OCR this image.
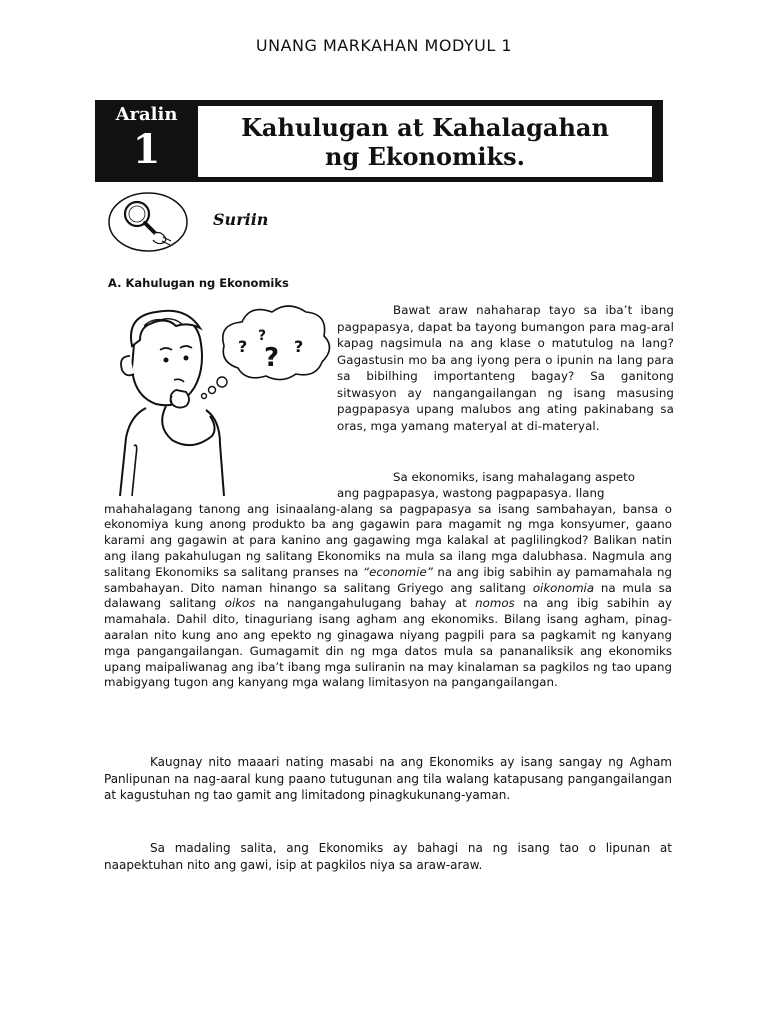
UNANG MARKAHAN MODYUL 1
Aralin
1	Kahulugan at Kahalagahan
ng Ekonomiks.
Suriin
A. Kahulugan ng Ekonomiks
?
?
? ?

Bawat araw nahaharap tayo sa iba’t ibang pagpapasya, dapat ba tayong bumangon para mag-aral kapag nagsimula na ang klase o matutulog na lang? Gagastusin mo ba ang iyong pera o ipunin na lang para sa bibilhing importanteng bagay? Sa ganitong sitwasyon ay nangangailangan ng isang masusing pagpapasya upang malubos ang ating pakinabang sa oras, mga yamang materyal at di-materyal.

Sa ekonomiks, isang mahalagang aspeto
ang pagpapasya, wastong pagpapasya. Ilang
mahahalagang tanong ang isinaalang-alang sa pagpapasya sa isang sambahayan, bansa o ekonomiya kung anong produkto ba ang gagawin para magamit ng mga konsyumer, gaano karami ang gagawin at para kanino ang gagawing mga kalakal at paglilingkod? Balikan natin ang ilang pakahulugan ng salitang Ekonomiks na mula sa ilang mga dalubhasa. Nagmula ang salitang Ekonomiks sa salitang pranses na “economie” na ang ibig sabihin ay pamamahala ng sambahayan. Dito naman hinango sa salitang Griyego ang salitang oikonomia na mula sa dalawang salitang oikos na nangangahulugang bahay at nomos na ang ibig sabihin ay mamahala. Dahil dito, tinaguriang isang agham ang ekonomiks. Bilang isang agham, pinag-aaralan nito kung ano ang epekto ng ginagawa niyang pagpili para sa pagkamit ng kanyang mga pangangailangan. Gumagamit din ng mga datos mula sa pananaliksik ang ekonomiks upang maipaliwanag ang iba’t ibang mga suliranin na may kinalaman sa pagkilos ng tao upang mabigyang tugon ang kanyang mga walang limitasyon na pangangailangan.

Kaugnay nito maaari nating masabi na ang Ekonomiks ay isang sangay ng Agham Panlipunan na nag-aaral kung paano tutugunan ang tila walang katapusang pangangailangan at kagustuhan ng tao gamit ang limitadong pinagkukunang-yaman.

Sa madaling salita, ang Ekonomiks ay bahagi na ng isang tao o lipunan at naapektuhan nito ang gawi, isip at pagkilos niya sa araw-araw.
